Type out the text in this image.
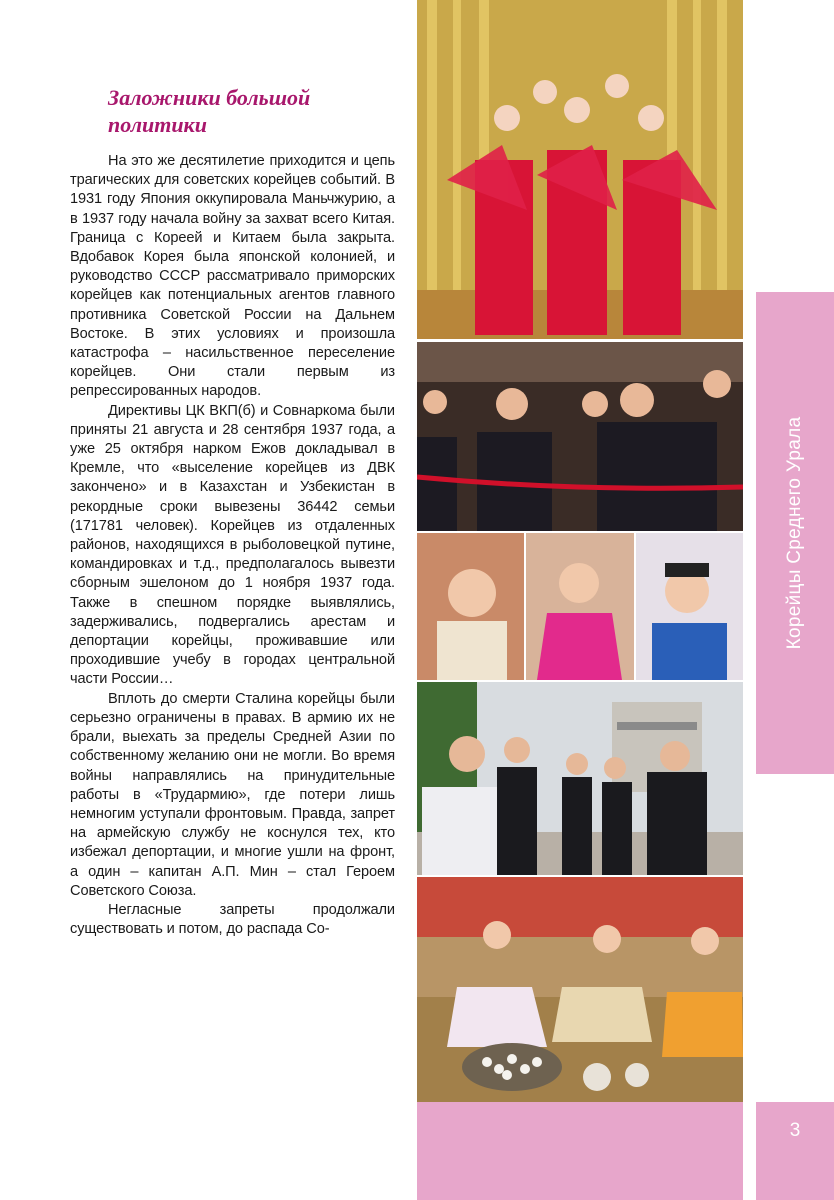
Заложники большой политики

На это же десятилетие приходится и цепь трагических для советских корейцев событий. В 1931 году Япония оккупировала Маньчжурию, а в 1937 году начала войну за захват всего Китая. Граница с Кореей и Китаем была закрыта. Вдобавок Корея была японской колонией, и руководство СССР рассматривало приморских корейцев как потенциальных агентов главного противника Советской России на Дальнем Востоке. В этих условиях и произошла катастрофа – насильственное переселение корейцев. Они стали первым из репрессированных народов.

Директивы ЦК ВКП(б) и Совнаркома были приняты 21 августа и 28 сентября 1937 года, а уже 25 октября нарком Ежов докладывал в Кремле, что «выселение корейцев из ДВК закончено» и в Казахстан и Узбекистан в рекордные сроки вывезены 36442 семьи (171781 человек). Корейцев из отдаленных районов, находящихся в рыболовецкой путине, командировках и т.д., предполагалось вывезти сборным эшелоном до 1 ноября 1937 года. Также в спешном порядке выявлялись, задерживались, подвергались арестам и депортации корейцы, проживавшие или проходившие учебу в городах центральной части России…

Вплоть до смерти Сталина корейцы были серьезно ограничены в правах. В армию их не брали, выехать за пределы Средней Азии по собственному желанию они не могли. Во время войны направлялись на принудительные работы в «Трудармию», где потери лишь немногим уступали фронтовым. Правда, запрет на армейскую службу не коснулся тех, кто избежал депортации, и многие ушли на фронт, а один – капитан А.П. Мин – стал Героем Советского Союза.

Негласные запреты продолжали существовать и потом, до распада Со-

Корейцы Среднего Урала
3
